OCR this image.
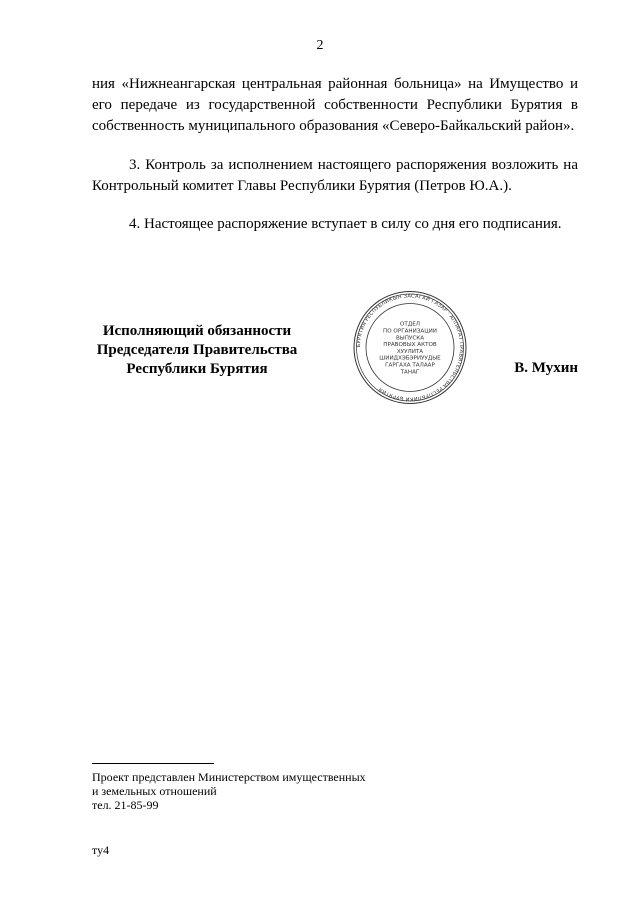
2
ния «Нижнеангарская центральная районная больница» на Имущество и
его передаче из государственной собственности Республики Бурятия в
собственность муниципального образования «Северо-Байкальский район».
3. Контроль за исполнением настоящего распоряжения возложить на
Контрольный комитет Главы Республики Бурятия (Петров Ю.А.).
4. Настоящее распоряжение вступает в силу со дня его подписания.
Исполняющий обязанности
Председателя Правительства
Республики Бурятия
БУРЯТИЯ РЕСПУБЛИКЫН ЗАСАГАЙ ГАЗАР · АППАРАТ ПРАВИТЕЛЬСТВА РЕСПУБЛИКИ БУРЯТИЯ
ОТДЕЛ
ПО ОРГАНИЗАЦИИ
ВЫПУСКА
ПРАВОВЫХ АКТОВ
ХУУЛИТА
ШИИДХЭБЭРИУУДЫЕ
ГАРГАХА ТАЛААР
ТАНАГ	В. Мухин
Проект представлен Министерством имущественных
и земельных отношений
тел. 21-85-99
ту4
